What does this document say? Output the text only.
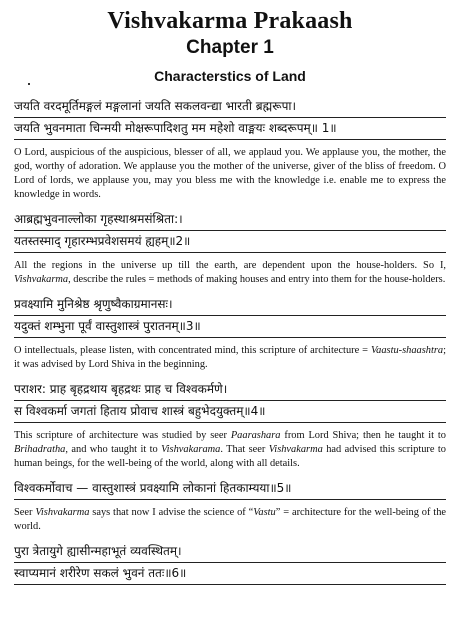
Vishvakarma Prakaash
Chapter 1
Characterstics of Land

जयति वरदमूर्तिमङ्गलं मङ्गलानां जयति सकलवन्द्या भारती ब्रह्मरूपा।

जयति भुवनमाता चिन्मयी मोक्षरूपादिशतु मम महेशो वाङ्मयः शब्दरूपम्॥ 1॥

O Lord, auspicious of the auspicious, blesser of all, we applaud you. We applause you, the mother, the god, worthy of adoration. We applause you the mother of the universe, giver of the bliss of freedom. O Lord of lords, we applause you, may you bless me with the knowledge i.e. enable me to express the knowledge in words.

आब्रह्मभुवनाल्लोका गृहस्थाश्रमसंश्रिता:।

यतस्तस्माद् गृहारम्भप्रवेशसमयं ह्यहम्॥2॥

All the regions in the universe up till the earth, are dependent upon the house-holders. So I, Vishvakarma, describe the rules = methods of making houses and entry into them for the house-holders.

प्रवक्ष्यामि मुनिश्रेष्ठ श्रृणुष्वैकाग्रमानसः।

यदुक्तं शम्भुना पूर्वं वास्तुशास्त्रं पुरातनम्॥3॥

O intellectuals, please listen, with concentrated mind, this scripture of architecture = Vaastu-shaashtra; it was advised by Lord Shiva in the beginning.

पराशर: प्राह बृहद्रथाय बृहद्रथः प्राह च विश्वकर्मणे।

स विश्वकर्मा जगतां हिताय प्रोवाच शास्त्रं बहुभेदयुक्तम्॥4॥

This scripture of architecture was studied by seer Paarashara from Lord Shiva; then he taught it to Brihadratha, and who taught it to Vishvakarama. That seer Vishvakarma had advised this scripture to human beings, for the well-being of the world, along with all details.

विश्वकर्मोवाच — वास्तुशास्त्रं प्रवक्ष्यामि लोकानां हितकाम्यया॥5॥

Seer Vishvakarma says that now I advise the science of “Vastu” = architecture for the well-being of the world.

पुरा त्रेतायुगे ह्यासीन्महाभूतं व्यवस्थितम्।

स्वाप्यमानं शरीरेण सकलं भुवनं ततः॥6॥
